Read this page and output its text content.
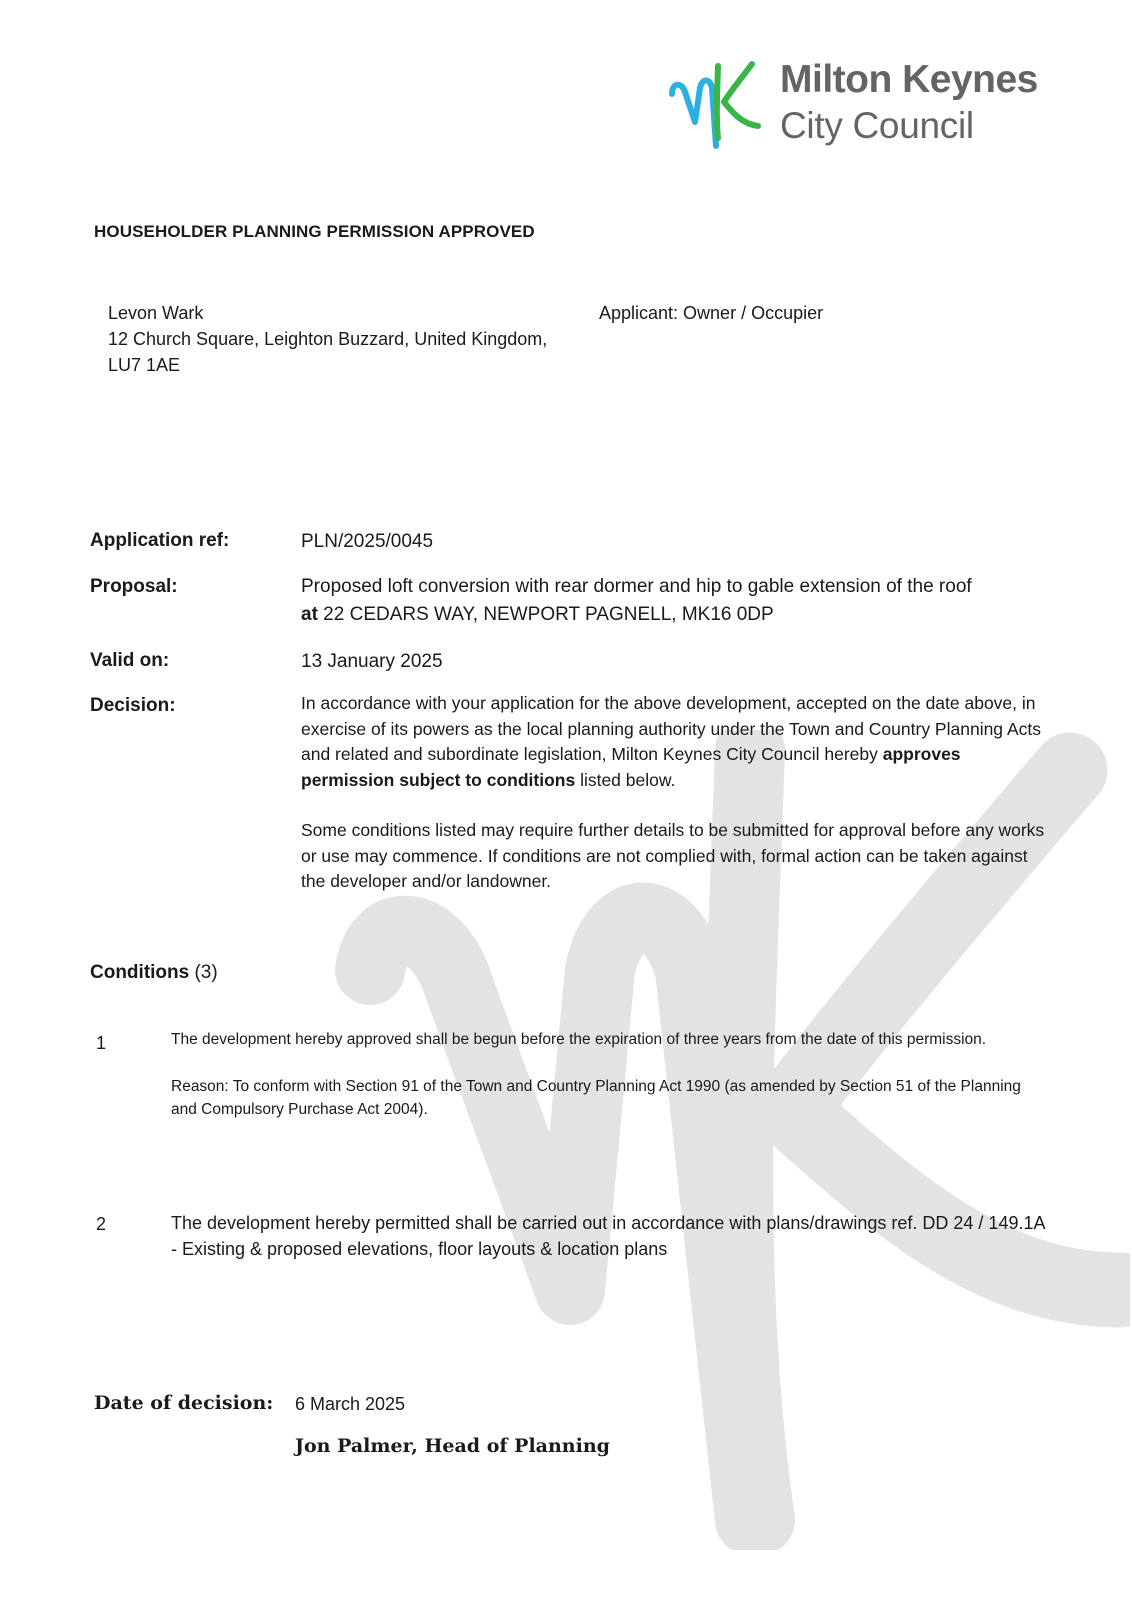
Milton Keynes
City Council
HOUSEHOLDER PLANNING PERMISSION APPROVED
Levon Wark
12 Church Square, Leighton Buzzard, United Kingdom,
LU7 1AE
Applicant: Owner / Occupier
Application ref:	PLN/2025/0045
Proposal:	Proposed loft conversion with rear dormer and hip to gable extension of the roof
at 22 CEDARS WAY, NEWPORT PAGNELL, MK16 0DP
Valid on:	13 January 2025
Decision:	In accordance with your application for the above development, accepted on the date above, in exercise of its powers as the local planning authority under the Town and Country Planning Acts and related and subordinate legislation, Milton Keynes City Council hereby approves permission subject to conditions listed below.

Some conditions listed may require further details to be submitted for approval before any works or use may commence. If conditions are not complied with, formal action can be taken against the developer and/or landowner.

Conditions (3)
1	The development hereby approved shall be begun before the expiration of three years from the date of this permission.

Reason: To conform with Section 91 of the Town and Country Planning Act 1990 (as amended by Section 51 of the Planning and Compulsory Purchase Act 2004).

2	The development hereby permitted shall be carried out in accordance with plans/drawings ref. DD 24 / 149.1A - Existing & proposed elevations, floor layouts & location plans

Date of decision: 6 March 2025
Jon Palmer, Head of Planning
